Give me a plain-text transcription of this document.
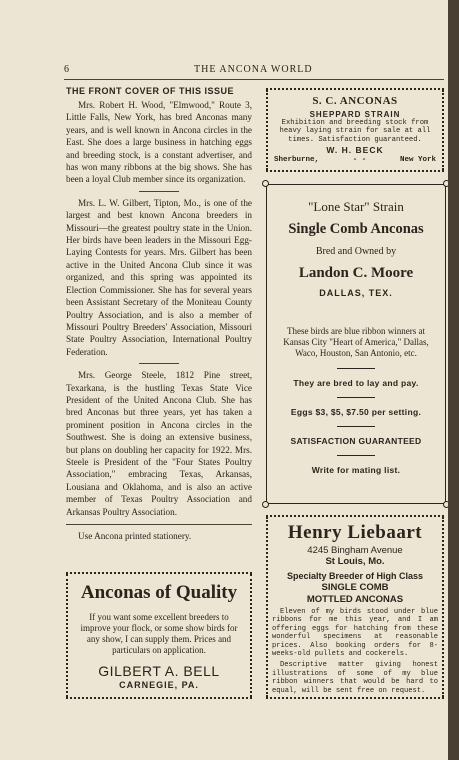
6	THE ANCONA WORLD
THE FRONT COVER OF THIS ISSUE

Mrs. Robert H. Wood, "Elmwood," Route 3, Little Falls, New York, has bred Anconas many years, and is well known in Ancona circles in the East. She does a large business in hatching eggs and breeding stock, is a constant advertiser, and has won many ribbons at the big shows. She has been a loyal Club member since its organization.

Mrs. L. W. Gilbert, Tipton, Mo., is one of the largest and best known Ancona breeders in Missouri—the greatest poultry state in the Union. Her birds have been leaders in the Missouri Egg-Laying Contests for years. Mrs. Gilbert has been active in the United Ancona Club since it was organized, and this spring was appointed its Election Commissioner. She has for several years been Assistant Secretary of the Moniteau County Poultry Association, and is also a member of Missouri Poultry Breeders' Association, Missouri State Poultry Association, International Poultry Federation.

Mrs. George Steele, 1812 Pine street, Texarkana, is the hustling Texas State Vice President of the United Ancona Club. She has bred Anconas but three years, yet has taken a prominent position in Ancona circles in the Southwest. She is doing an extensive business, but plans on doubling her capacity for 1922. Mrs. Steele is President of the "Four States Poultry Association," embracing Texas, Arkansas, Lousiana and Oklahoma, and is also an active member of Texas Poultry Association and Arkansas Poultry Association.

Use Ancona printed stationery.
Anconas of Quality
If you want some excellent breeders to improve your flock, or some show birds for any show, I can supply them. Prices and particulars on application.
GILBERT A. BELL
CARNEGIE, PA.
S. C. ANCONAS
SHEPPARD STRAIN
Exhibition and breeding stock from heavy laying strain for sale at all times. Satisfaction guaranteed.
W. H. BECK
Sherburne,	- -	New York
"Lone Star" Strain
Single Comb Anconas
Bred and Owned by
Landon C. Moore
DALLAS, TEX.
These birds are blue ribbon winners at Kansas City "Heart of America," Dallas, Waco, Houston, San Antonio, etc.
They are bred to lay and pay.
Eggs $3, $5, $7.50 per setting.
SATISFACTION GUARANTEED
Write for mating list.
Henry Liebaart
4245 Bingham Avenue
St Louis, Mo.
Specialty Breeder of High Class
SINGLE COMB
MOTTLED ANCONAS
Eleven of my birds stood under blue ribbons for me this year, and I am offering eggs for hatching from these wonderful specimens at reasonable prices. Also booking orders for 8-weeks-old pullets and cockerels.
Descriptive matter giving honest illustrations of some of my blue ribbon winners that would be hard to equal, will be sent free on request.
